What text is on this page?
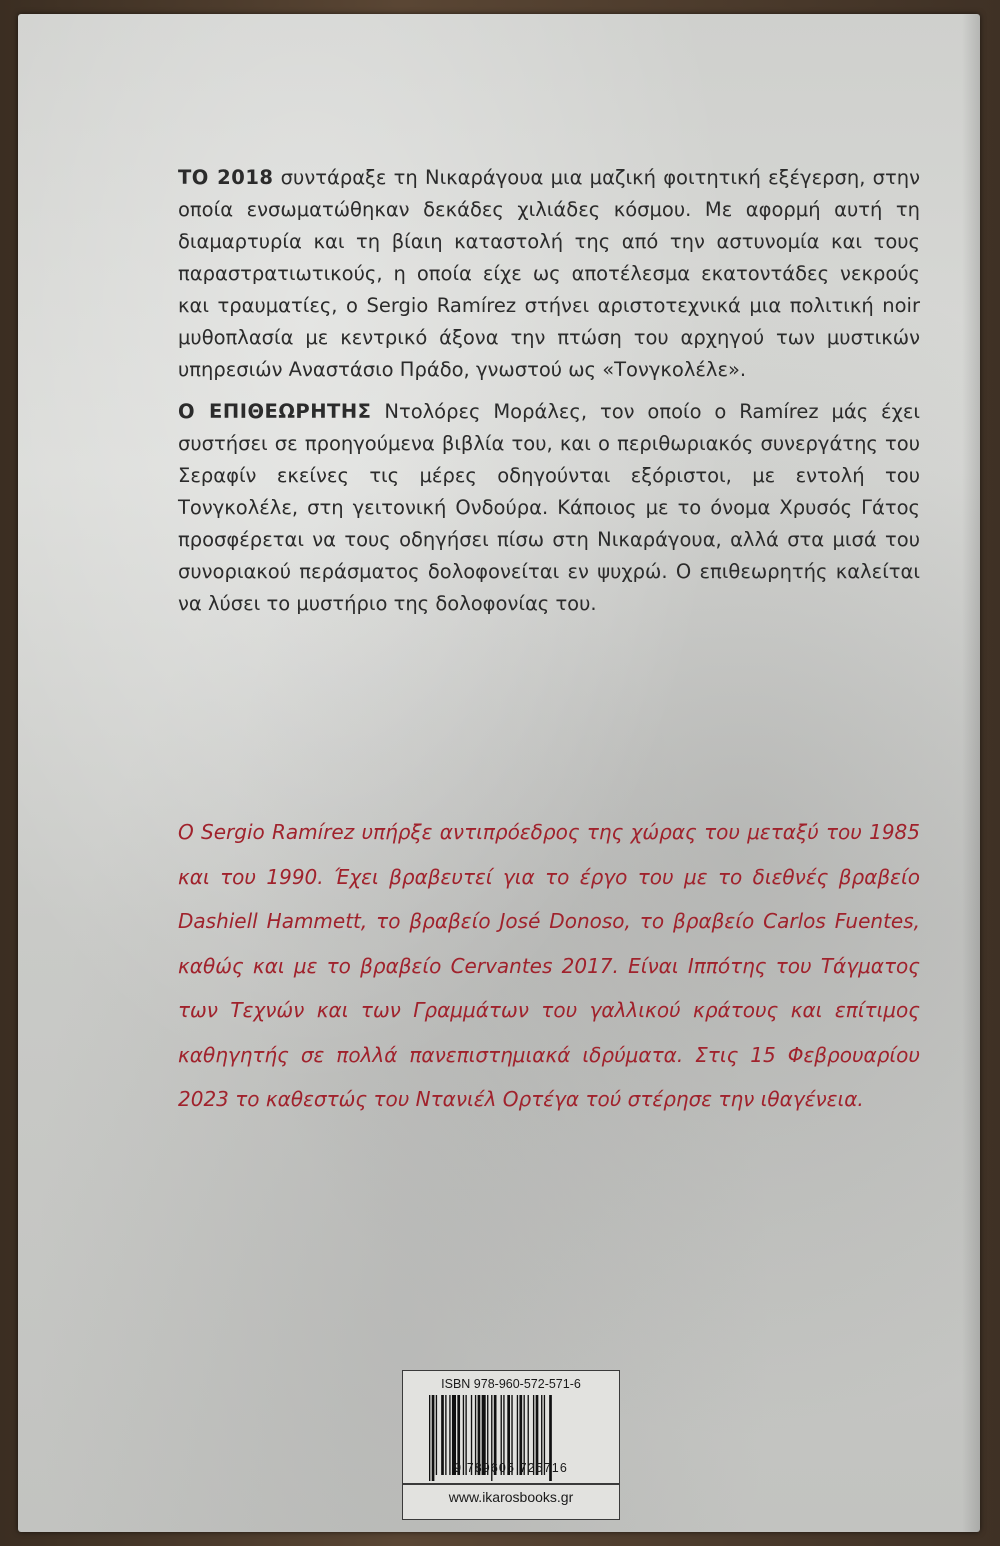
ΤΟ 2018 συντάραξε τη Νικαράγουα μια μαζική φοιτητική εξέγερση, στην οποία ενσωματώθηκαν δεκάδες χιλιάδες κόσμου. Με αφορμή αυτή τη διαμαρτυρία και τη βίαιη καταστολή της από την αστυνομία και τους παραστρατιωτικούς, η οποία είχε ως αποτέλεσμα εκατοντάδες νεκρούς και τραυματίες, ο Sergio Ramírez στήνει αριστοτεχνικά μια πολιτική noir μυθοπλασία με κεντρικό άξονα την πτώση του αρχηγού των μυστικών υπηρεσιών Αναστάσιο Πράδο, γνωστού ως «Τονγκολέλε».

Ο ΕΠΙΘΕΩΡΗΤΗΣ Ντολόρες Μοράλες, τον οποίο ο Ramírez μάς έχει συστήσει σε προηγούμενα βιβλία του, και ο περιθωριακός συνεργάτης του Σεραφίν εκείνες τις μέρες οδηγούνται εξόριστοι, με εντολή του Τονγκολέλε, στη γειτονική Ονδούρα. Κάποιος με το όνομα Χρυσός Γάτος προσφέρεται να τους οδηγήσει πίσω στη Νικαράγουα, αλλά στα μισά του συνοριακού περάσματος δολοφονείται εν ψυχρώ. Ο επιθεωρητής καλείται να λύσει το μυστήριο της δολοφονίας του.

Ο Sergio Ramírez υπήρξε αντιπρόεδρος της χώρας του μεταξύ του 1985 και του 1990. Έχει βραβευτεί για το έργο του με το διεθνές βραβείο Dashiell Hammett, το βραβείο José Donoso, το βραβείο Carlos Fuentes, καθώς και με το βραβείο Cervantes 2017. Είναι Ιππότης του Τάγματος των Τεχνών και των Γραμμάτων του γαλλικού κράτους και επίτιμος καθηγητής σε πολλά πανεπιστημιακά ιδρύματα. Στις 15 Φεβρουαρίου 2023 το καθεστώς του Ντανιέλ Ορτέγα τού στέρησε την ιθαγένεια.

ISBN 978-960-572-571-6
9 789605 725716
www.ikarosbooks.gr
